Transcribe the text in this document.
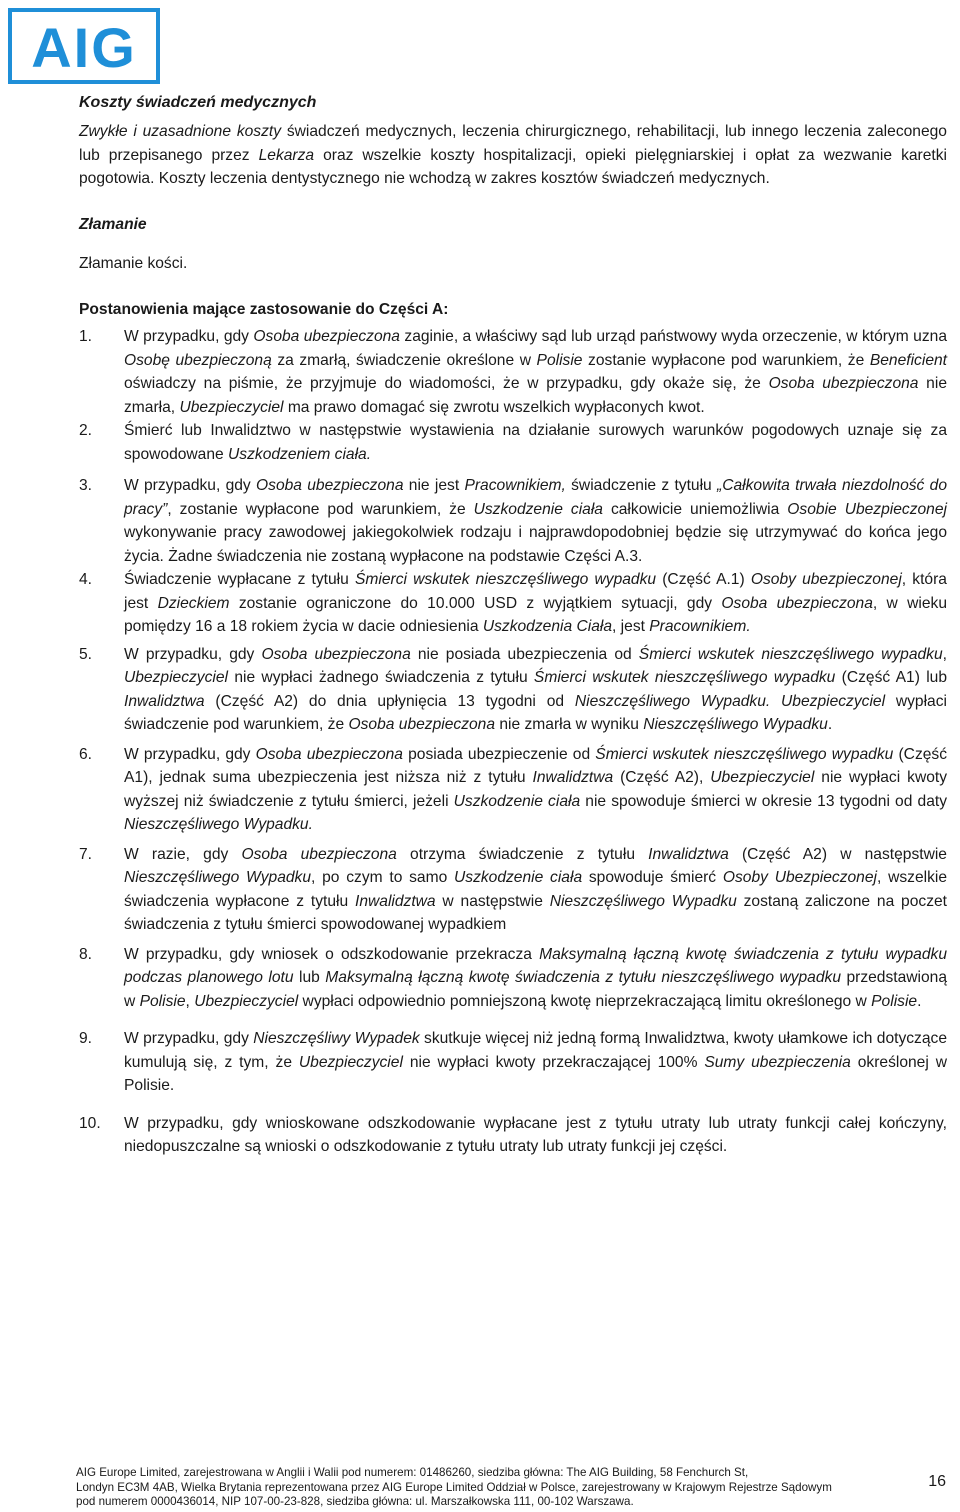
AIG

Koszty świadczeń medycznych

Zwykłe i uzasadnione koszty świadczeń medycznych, leczenia chirurgicznego, rehabilitacji, lub innego leczenia zaleconego lub przepisanego przez Lekarza oraz wszelkie koszty hospitalizacji, opieki pielęgniarskiej i opłat za wezwanie karetki pogotowia. Koszty leczenia dentystycznego nie wchodzą w zakres kosztów świadczeń medycznych.

Złamanie

Złamanie kości.

Postanowienia mające zastosowanie do Części A:

1.	W przypadku, gdy Osoba ubezpieczona zaginie, a właściwy sąd lub urząd państwowy wyda orzeczenie, w którym uzna Osobę ubezpieczoną za zmarłą, świadczenie określone w Polisie zostanie wypłacone pod warunkiem, że Beneficient oświadczy na piśmie, że przyjmuje do wiadomości, że w przypadku, gdy okaże się, że Osoba ubezpieczona nie zmarła, Ubezpieczyciel ma prawo domagać się zwrotu wszelkich wypłaconych kwot.
2.	Śmierć lub Inwalidztwo w następstwie wystawienia na działanie surowych warunków pogodowych uznaje się za spowodowane Uszkodzeniem ciała.
3.	W przypadku, gdy Osoba ubezpieczona nie jest Pracownikiem, świadczenie z tytułu „Całkowita trwała niezdolność do pracy”, zostanie wypłacone pod warunkiem, że Uszkodzenie ciała całkowicie uniemożliwia Osobie Ubezpieczonej wykonywanie pracy zawodowej jakiegokolwiek rodzaju i najprawdopodobniej będzie się utrzymywać do końca jego życia. Żadne świadczenia nie zostaną wypłacone na podstawie Części A.3.
4.	Świadczenie wypłacane z tytułu Śmierci wskutek nieszczęśliwego wypadku (Część A.1) Osoby ubezpieczonej, która jest Dzieckiem zostanie ograniczone do 10.000 USD z wyjątkiem sytuacji, gdy Osoba ubezpieczona, w wieku pomiędzy 16 a 18 rokiem życia w dacie odniesienia Uszkodzenia Ciała, jest Pracownikiem.
5.	W przypadku, gdy Osoba ubezpieczona nie posiada ubezpieczenia od Śmierci wskutek nieszczęśliwego wypadku, Ubezpieczyciel nie wypłaci żadnego świadczenia z tytułu Śmierci wskutek nieszczęśliwego wypadku (Część A1) lub Inwalidztwa (Część A2) do dnia upłynięcia 13 tygodni od Nieszczęśliwego Wypadku. Ubezpieczyciel wypłaci świadczenie pod warunkiem, że Osoba ubezpieczona nie zmarła w wyniku Nieszczęśliwego Wypadku.
6.	W przypadku, gdy Osoba ubezpieczona posiada ubezpieczenie od Śmierci wskutek nieszczęśliwego wypadku (Część A1), jednak suma ubezpieczenia jest niższa niż z tytułu Inwalidztwa (Część A2), Ubezpieczyciel nie wypłaci kwoty wyższej niż świadczenie z tytułu śmierci, jeżeli Uszkodzenie ciała nie spowoduje śmierci w okresie 13 tygodni od daty Nieszczęśliwego Wypadku.
7.	W razie, gdy Osoba ubezpieczona otrzyma świadczenie z tytułu Inwalidztwa (Część A2) w następstwie Nieszczęśliwego Wypadku, po czym to samo Uszkodzenie ciała spowoduje śmierć Osoby Ubezpieczonej, wszelkie świadczenia wypłacone z tytułu Inwalidztwa w następstwie Nieszczęśliwego Wypadku zostaną zaliczone na poczet świadczenia z tytułu śmierci spowodowanej wypadkiem
8.	W przypadku, gdy wniosek o odszkodowanie przekracza Maksymalną łączną kwotę świadczenia z tytułu wypadku podczas planowego lotu lub Maksymalną łączną kwotę świadczenia z tytułu nieszczęśliwego wypadku przedstawioną w Polisie, Ubezpieczyciel wypłaci odpowiednio pomniejszoną kwotę nieprzekraczającą limitu określonego w Polisie.
9.	W przypadku, gdy Nieszczęśliwy Wypadek skutkuje więcej niż jedną formą Inwalidztwa, kwoty ułamkowe ich dotyczące kumulują się, z tym, że Ubezpieczyciel nie wypłaci kwoty przekraczającej 100% Sumy ubezpieczenia określonej w Polisie.
10.	W przypadku, gdy wnioskowane odszkodowanie wypłacane jest z tytułu utraty lub utraty funkcji całej kończyny, niedopuszczalne są wnioski o odszkodowanie z tytułu utraty lub utraty funkcji jej części.
AIG Europe Limited, zarejestrowana w Anglii i Walii pod numerem: 01486260, siedziba główna: The AIG Building, 58 Fenchurch St,
Londyn EC3M 4AB, Wielka Brytania reprezentowana przez AIG Europe Limited Oddział w Polsce, zarejestrowany w Krajowym Rejestrze Sądowym
pod numerem 0000436014, NIP 107-00-23-828, siedziba główna: ul. Marszałkowska 111, 00-102 Warszawa.
16
